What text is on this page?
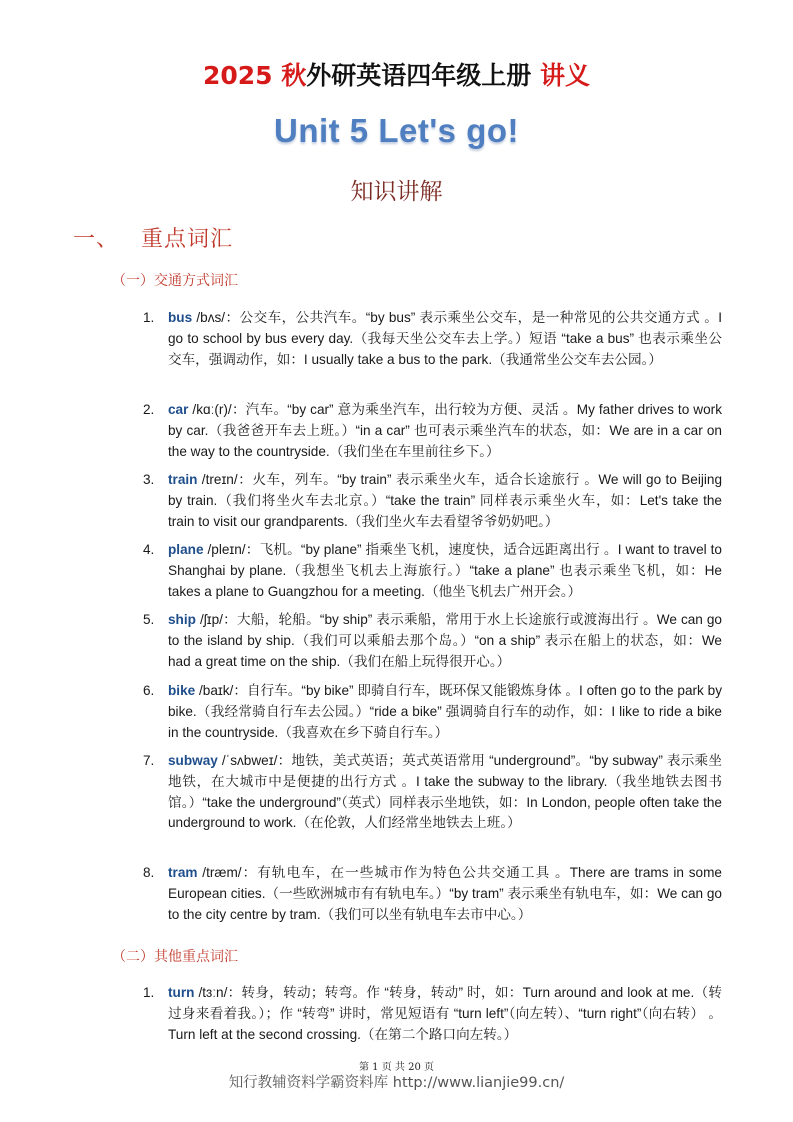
2025 秋外研英语四年级上册 讲义
Unit 5 Let's go!
知识讲解
一、 重点词汇
（一）交通方式词汇
1. bus /bʌs/：公交车，公共汽车。“by bus” 表示乘坐公交车，是一种常见的公共交通方式 。I go to school by bus every day.（我每天坐公交车去上学。）短语 “take a bus” 也表示乘坐公交车，强调动作，如：I usually take a bus to the park.（我通常坐公交车去公园。）
2. car /kɑː(r)/：汽车。“by car” 意为乘坐汽车，出行较为方便、灵活 。My father drives to work by car.（我爸爸开车去上班。）“in a car” 也可表示乘坐汽车的状态，如：We are in a car on the way to the countryside.（我们坐在车里前往乡下。）
3. train /treɪn/：火车，列车。“by train” 表示乘坐火车，适合长途旅行 。We will go to Beijing by train.（我们将坐火车去北京。）“take the train” 同样表示乘坐火车，如：Let's take the train to visit our grandparents.（我们坐火车去看望爷爷奶奶吧。）
4. plane /pleɪn/：飞机。“by plane” 指乘坐飞机，速度快，适合远距离出行 。I want to travel to Shanghai by plane.（我想坐飞机去上海旅行。）“take a plane” 也表示乘坐飞机，如：He takes a plane to Guangzhou for a meeting.（他坐飞机去广州开会。）
5. ship /ʃɪp/：大船，轮船。“by ship” 表示乘船，常用于水上长途旅行或渡海出行 。We can go to the island by ship.（我们可以乘船去那个岛。）“on a ship” 表示在船上的状态，如：We had a great time on the ship.（我们在船上玩得很开心。）
6. bike /baɪk/：自行车。“by bike” 即骑自行车，既环保又能锻炼身体 。I often go to the park by bike.（我经常骑自行车去公园。）“ride a bike” 强调骑自行车的动作，如：I like to ride a bike in the countryside.（我喜欢在乡下骑自行车。）
7. subway /ˈsʌbweɪ/：地铁，美式英语；英式英语常用 “underground”。“by subway” 表示乘坐地铁，在大城市中是便捷的出行方式 。I take the subway to the library.（我坐地铁去图书馆。）“take the underground”（英式）同样表示坐地铁，如：In London, people often take the underground to work.（在伦敦，人们经常坐地铁去上班。）
8. tram /træm/：有轨电车，在一些城市作为特色公共交通工具 。There are trams in some European cities.（一些欧洲城市有有轨电车。）“by tram” 表示乘坐有轨电车，如：We can go to the city centre by tram.（我们可以坐有轨电车去市中心。）
（二）其他重点词汇
1. turn /tɜːn/：转身，转动；转弯。作 “转身，转动” 时，如：Turn around and look at me.（转过身来看着我。）；作 “转弯” 讲时，常见短语有 “turn left”（向左转）、“turn right”（向右转） 。Turn left at the second crossing.（在第二个路口向左转。）
第 1 页 共 20 页
知行教辅资料学霸资料库 http://www.lianjie99.cn/
